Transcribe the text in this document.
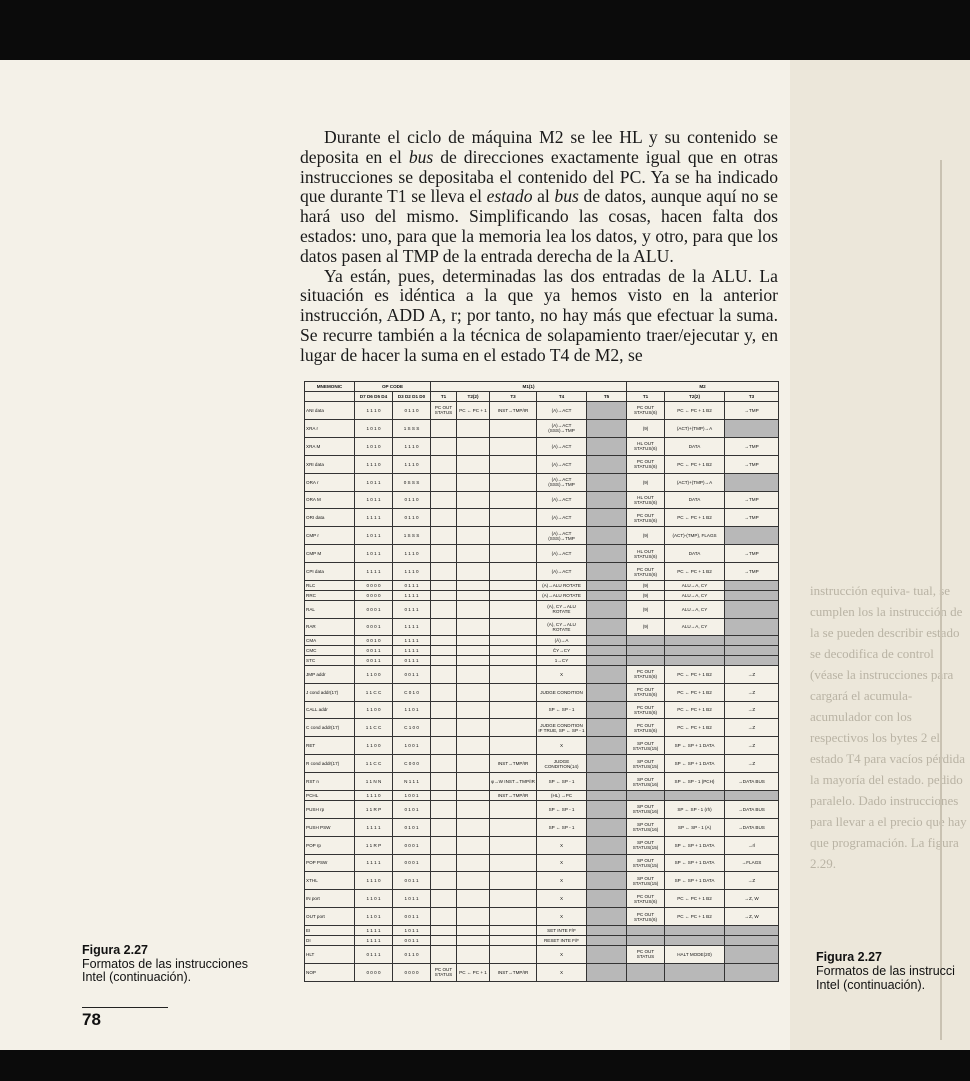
instrucción equiva- tual, se cumplen los la instrucción de la se pueden describir estado se decodifica de control (véase la instrucciones para cargará el acumula- acumulador con los respectivos los bytes 2 el estado T4 para vacíos pérdida la mayoría del estado. pedido paralelo. Dado instrucciones para llevar a el precio que hay que programación. La figura 2.29.
Figura 2.27
Formatos de las instrucci
Intel (continuación).

Durante el ciclo de máquina M2 se lee HL y su contenido se deposita en el bus de direcciones exactamente igual que en otras instrucciones se depositaba el contenido del PC. Ya se ha indicado que durante T1 se lleva el estado al bus de datos, aunque aquí no se hará uso del mismo. Simplificando las cosas, hacen falta dos estados: uno, para que la memoria lea los datos, y otro, para que los datos pasen al TMP de la entrada derecha de la ALU.

Ya están, pues, determinadas las dos entradas de la ALU. La situación es idéntica a la que ya hemos visto en la anterior instrucción, ADD A, r; por tanto, no hay más que efectuar la suma. Se recurre también a la técnica de solapamiento traer/ejecutar y, en lugar de hacer la suma en el estado T4 de M2, se

MNEMONIC	OP CODE		M1(1)					M2		
	D7 D6 D5 D4	D3 D2 D1 D0	T1	T2(2)	T3	T4	T5	T1	T2(2)	T3
ANI data	1 1 1 0	0 1 1 0	PC OUT STATUS	PC ← PC + 1	INST→TMP/IR	(A)→ACT		PC OUT STATUS(6)	PC ← PC + 1 B2	→TMP
XRA r	1 0 1 0	1 S S S				(A)→ACT (SSS)→TMP		(9)	(ACT)+(TMP)→A	
XRA M	1 0 1 0	1 1 1 0				(A)→ACT		HL OUT STATUS(6)	DATA	→TMP
XRI data	1 1 1 0	1 1 1 0				(A)→ACT		PC OUT STATUS(6)	PC ← PC + 1 B2	→TMP
ORA r	1 0 1 1	0 S S S				(A)→ACT (SSS)→TMP		(9)	(ACT)+(TMP)→A	
ORA M	1 0 1 1	0 1 1 0				(A)→ACT		HL OUT STATUS(6)	DATA	→TMP
ORI data	1 1 1 1	0 1 1 0				(A)→ACT		PC OUT STATUS(6)	PC ← PC + 1 B2	→TMP
CMP r	1 0 1 1	1 S S S				(A)→ACT (SSS)→TMP		(9)	(ACT)-(TMP), FLAGS	
CMP M	1 0 1 1	1 1 1 0				(A)→ACT		HL OUT STATUS(6)	DATA	→TMP
CPI data	1 1 1 1	1 1 1 0				(A)→ACT		PC OUT STATUS(6)	PC ← PC + 1 B2	→TMP
RLC	0 0 0 0	0 1 1 1				(A)→ALU ROTATE		(9)	ALU→A, CY	
RRC	0 0 0 0	1 1 1 1				(A)→ALU ROTATE		(9)	ALU→A, CY	
RAL	0 0 0 1	0 1 1 1				(A), CY→ALU ROTATE		(9)	ALU→A, CY	
RAR	0 0 0 1	1 1 1 1				(A), CY→ALU ROTATE		(9)	ALU→A, CY	
CMA	0 0 1 0	1 1 1 1				(Ā)→A				
CMC	0 0 1 1	1 1 1 1				C̄Y→CY				
STC	0 0 1 1	0 1 1 1				1→CY				
JMP addr	1 1 0 0	0 0 1 1				X		PC OUT STATUS(6)	PC ← PC + 1 B2	→Z
J cond addr(17)	1 1 C C	C 0 1 0				JUDGE CONDITION		PC OUT STATUS(6)	PC ← PC + 1 B2	→Z
CALL addr	1 1 0 0	1 1 0 1				SP ← SP - 1		PC OUT STATUS(6)	PC ← PC + 1 B2	→Z
C cond addr(17)	1 1 C C	C 1 0 0				JUDGE CONDITION IF TRUE, SP ← SP - 1		PC OUT STATUS(6)	PC ← PC + 1 B2	→Z
RET	1 1 0 0	1 0 0 1				X		SP OUT STATUS(15)	SP ← SP + 1 DATA	→Z
R cond addr(17)	1 1 C C	C 0 0 0			INST→TMP/IR	JUDGE CONDITION(14)		SP OUT STATUS(15)	SP ← SP + 1 DATA	→Z
RST n	1 1 N N	N 1 1 1			φ→W INST→TMP/IR	SP ← SP - 1		SP OUT STATUS(16)	SP ← SP - 1 (PCH)	→DATA BUS
PCHL	1 1 1 0	1 0 0 1			INST→TMP/IR	(HL) →PC				
PUSH rp	1 1 R P	0 1 0 1				SP ← SP - 1		SP OUT STATUS(16)	SP ← SP - 1 (rh)	→DATA BUS
PUSH PSW	1 1 1 1	0 1 0 1				SP ← SP - 1		SP OUT STATUS(16)	SP ← SP - 1 (A)	→DATA BUS
POP rp	1 1 R P	0 0 0 1				X		SP OUT STATUS(15)	SP ← SP + 1 DATA	→rl
POP PSW	1 1 1 1	0 0 0 1				X		SP OUT STATUS(15)	SP ← SP + 1 DATA	→FLAGS
XTHL	1 1 1 0	0 0 1 1				X		SP OUT STATUS(15)	SP ← SP + 1 DATA	→Z
IN port	1 1 0 1	1 0 1 1				X		PC OUT STATUS(6)	PC ← PC + 1 B2	→Z, W
OUT port	1 1 0 1	0 0 1 1				X		PC OUT STATUS(6)	PC ← PC + 1 B2	→Z, W
EI	1 1 1 1	1 0 1 1				SET INTE F/F				
DI	1 1 1 1	0 0 1 1				RESET INTE F/F				
HLT	0 1 1 1	0 1 1 0				X		PC OUT STATUS	HALT MODE(20)	
NOP	0 0 0 0	0 0 0 0	PC OUT STATUS	PC ← PC + 1	INST→TMP/IR	X				
Figura 2.27
Formatos de las instrucciones
Intel (continuación).
78
